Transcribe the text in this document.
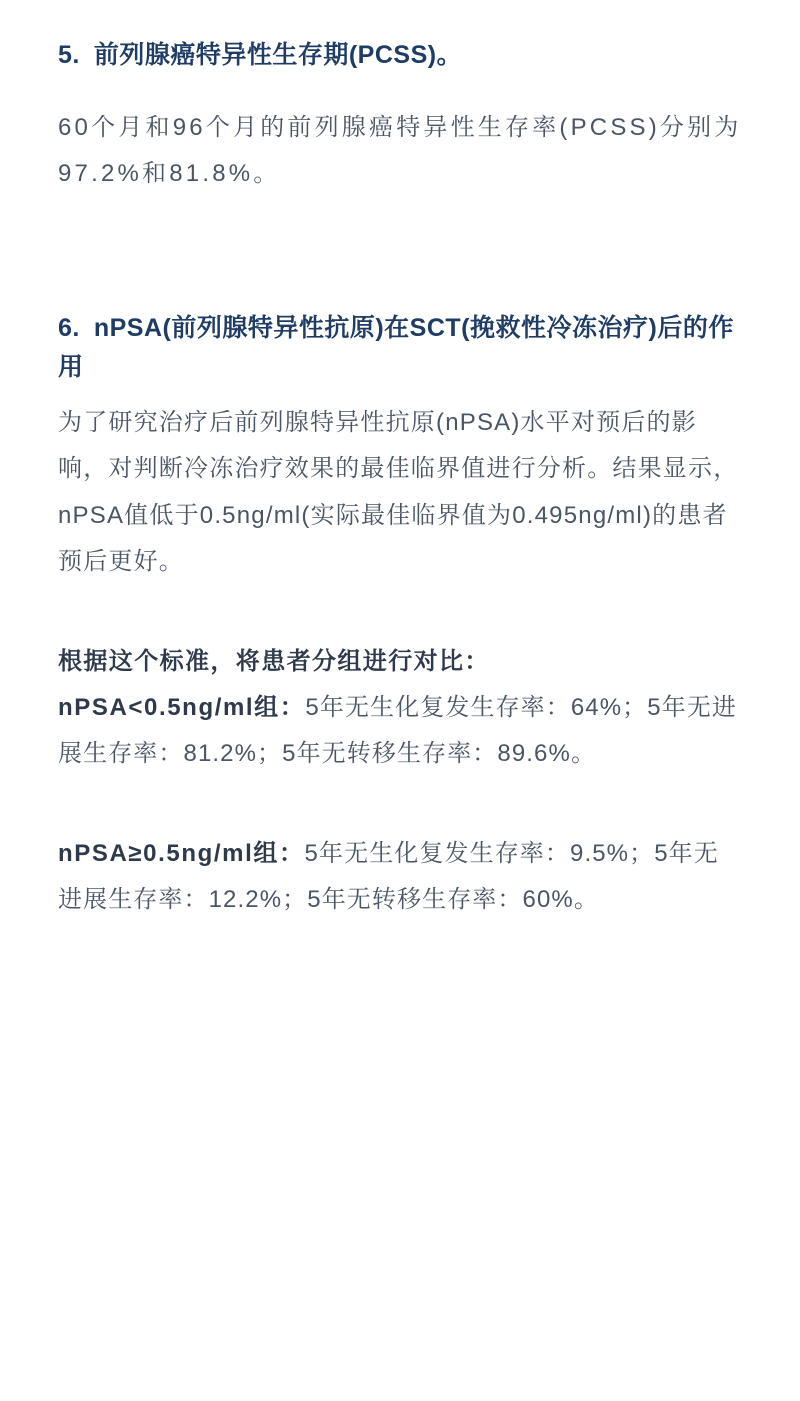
5. 前列腺癌特异性生存期(PCSS)。

60个月和96个月的前列腺癌特异性生存率(PCSS)分别为97.2%和81.8%。

6. nPSA(前列腺特异性抗原)在SCT(挽救性冷冻治疗)后的作用

为了研究治疗后前列腺特异性抗原(nPSA)水平对预后的影响，对判断冷冻治疗效果的最佳临界值进行分析。结果显示，nPSA值低于0.5ng/ml(实际最佳临界值为0.495ng/ml)的患者预后更好。

根据这个标准，将患者分组进行对比：

nPSA<0.5ng/ml组：5年无生化复发生存率：64%；5年无进展生存率：81.2%；5年无转移生存率：89.6%。

nPSA≥0.5ng/ml组：5年无生化复发生存率：9.5%；5年无进展生存率：12.2%；5年无转移生存率：60%。
